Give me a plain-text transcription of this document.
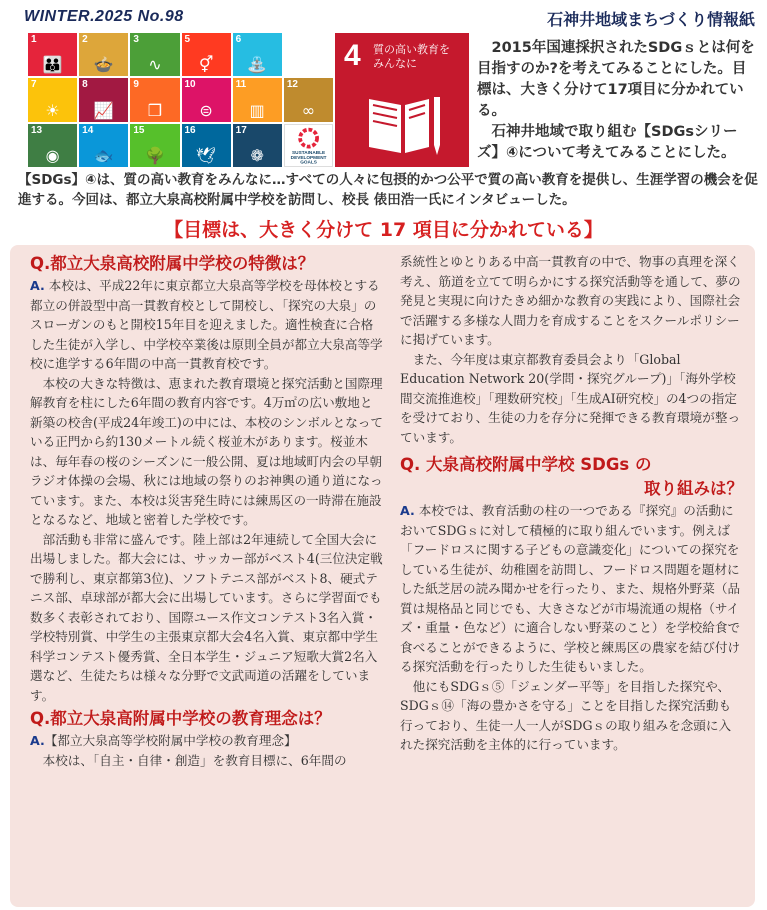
WINTER.2025 No.98	石神井地域まちづくり情報紙
1
👪
2
🍲
3
∿
5
⚥
6
⛲
7
☀
8
📈
9
❒
10
⊜
11
▥
12
∞
13
◉
14
🐟
15
🌳
16
🕊
17
❁	SUSTAINABLE
DEVELOPMENT
GOALS
4 質の高い教育を
みんなに

2015年国連採択されたSDGｓとは何を目指すのか?を考えてみることにした。目標は、大きく分けて17項目に分かれている。

石神井地域で取り組む【SDGsシリーズ】④について考えてみることにした。

【SDGs】④は、質の高い教育をみんなに…すべての人々に包摂的かつ公平で質の高い教育を提供し、生涯学習の機会を促進する。今回は、都立大泉高校附属中学校を訪問し、校長 俵田浩一氏にインタビューした。
【目標は、大きく分けて 17 項目に分かれている】

Q.都立大泉高校附属中学校の特徴は？

A. 本校は、平成22年に東京都立大泉高等学校を母体校とする都立の併設型中高一貫教育校として開校し、「探究の大泉」のスローガンのもと開校15年目を迎えました。適性検査に合格した生徒が入学し、中学校卒業後は原則全員が都立大泉高等学校に進学する6年間の中高一貫教育校です。

本校の大きな特徴は、恵まれた教育環境と探究活動と国際理解教育を柱にした6年間の教育内容です。4万㎡の広い敷地と新築の校舎(平成24年竣工)の中には、本校のシンボルとなっている正門から約130メートル続く桜並木があります。桜並木は、毎年春の桜のシーズンに一般公開、夏は地域町内会の早朝ラジオ体操の会場、秋には地域の祭りのお神輿の通り道になっています。また、本校は災害発生時には練馬区の一時滞在施設となるなど、地域と密着した学校です。

部活動も非常に盛んです。陸上部は2年連続して全国大会に出場しました。都大会には、サッカー部がベスト4(三位決定戦で勝利し、東京都第3位)、ソフトテニス部がベスト8、硬式テニス部、卓球部が都大会に出場しています。さらに学習面でも数多く表彰されており、国際ユース作文コンテスト3名入賞・学校特別賞、中学生の主張東京都大会4名入賞、東京都中学生科学コンテスト優秀賞、全日本学生・ジュニア短歌大賞2名入選など、生徒たちは様々な分野で文武両道の活躍をしています。

Q.都立大泉高附属中学校の教育理念は？

A.【都立大泉高等学校附属中学校の教育理念】

本校は、「自主・自律・創造」を教育目標に、6年間の

系統性とゆとりある中高一貫教育の中で、物事の真理を深く考え、筋道を立てて明らかにする探究活動等を通して、夢の発見と実現に向けたきめ細かな教育の実践により、国際社会で活躍する多様な人間力を育成することをスクールポリシーに掲げています。

また、今年度は東京都教育委員会より「Global Education Network 20(学問・探究グループ)」「海外学校間交流推進校」「理数研究校」「生成AI研究校」の4つの指定を受けており、生徒の力を存分に発揮できる教育環境が整っています。

Q. 大泉高校附属中学校 SDGs の
取り組みは？

A. 本校では、教育活動の柱の一つである『探究』の活動においてSDGｓに対して積極的に取り組んでいます。例えば「フードロスに関する子どもの意識変化」についての探究をしている生徒が、幼稚園を訪問し、フードロス問題を題材にした紙芝居の読み聞かせを行ったり、また、規格外野菜（品質は規格品と同じでも、大きさなどが市場流通の規格（サイズ・重量・色など）に適合しない野菜のこと）を学校給食で食べることができるように、学校と練馬区の農家を結び付ける探究活動を行ったりした生徒もいました。

他にもSDGｓ⑤「ジェンダー平等」を目指した探究や、SDGｓ⑭「海の豊かさを守る」ことを目指した探究活動も行っており、生徒一人一人がSDGｓの取り組みを念頭に入れた探究活動を主体的に行っています。
